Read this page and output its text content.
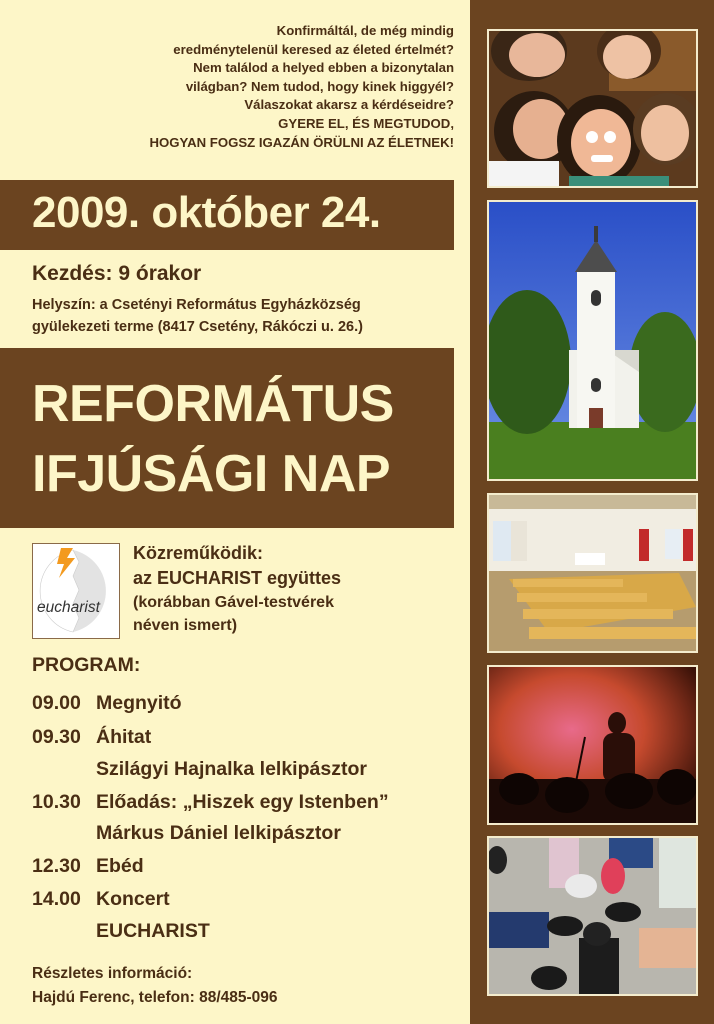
Konfirmáltál, de még mindig
eredménytelenül keresed az életed értelmét?
Nem találod a helyed ebben a bizonytalan
világban? Nem tudod, hogy kinek higgyél?
Válaszokat akarsz a kérdéseidre?
GYERE EL, ÉS MEGTUDOD,
HOGYAN FOGSZ IGAZÁN ÖRÜLNI AZ ÉLETNEK!
2009. október 24.
Kezdés: 9 órakor
Helyszín: a Csetényi Református Egyházközség
gyülekezeti terme (8417 Csetény, Rákóczi u. 26.)
REFORMÁTUS
IFJÚSÁGI NAP
eucharist
Közreműködik:
az EUCHARIST együttes
(korábban Gável-testvérek
néven ismert)
PROGRAM:
09.00 Megnyitó
09.30 Áhitat
Szilágyi Hajnalka lelkipásztor
10.30 Előadás: „Hiszek egy Istenben”
Márkus Dániel lelkipásztor
12.30 Ebéd
14.00 Koncert
EUCHARIST
Részletes információ:
Hajdú Ferenc, telefon: 88/485-096
